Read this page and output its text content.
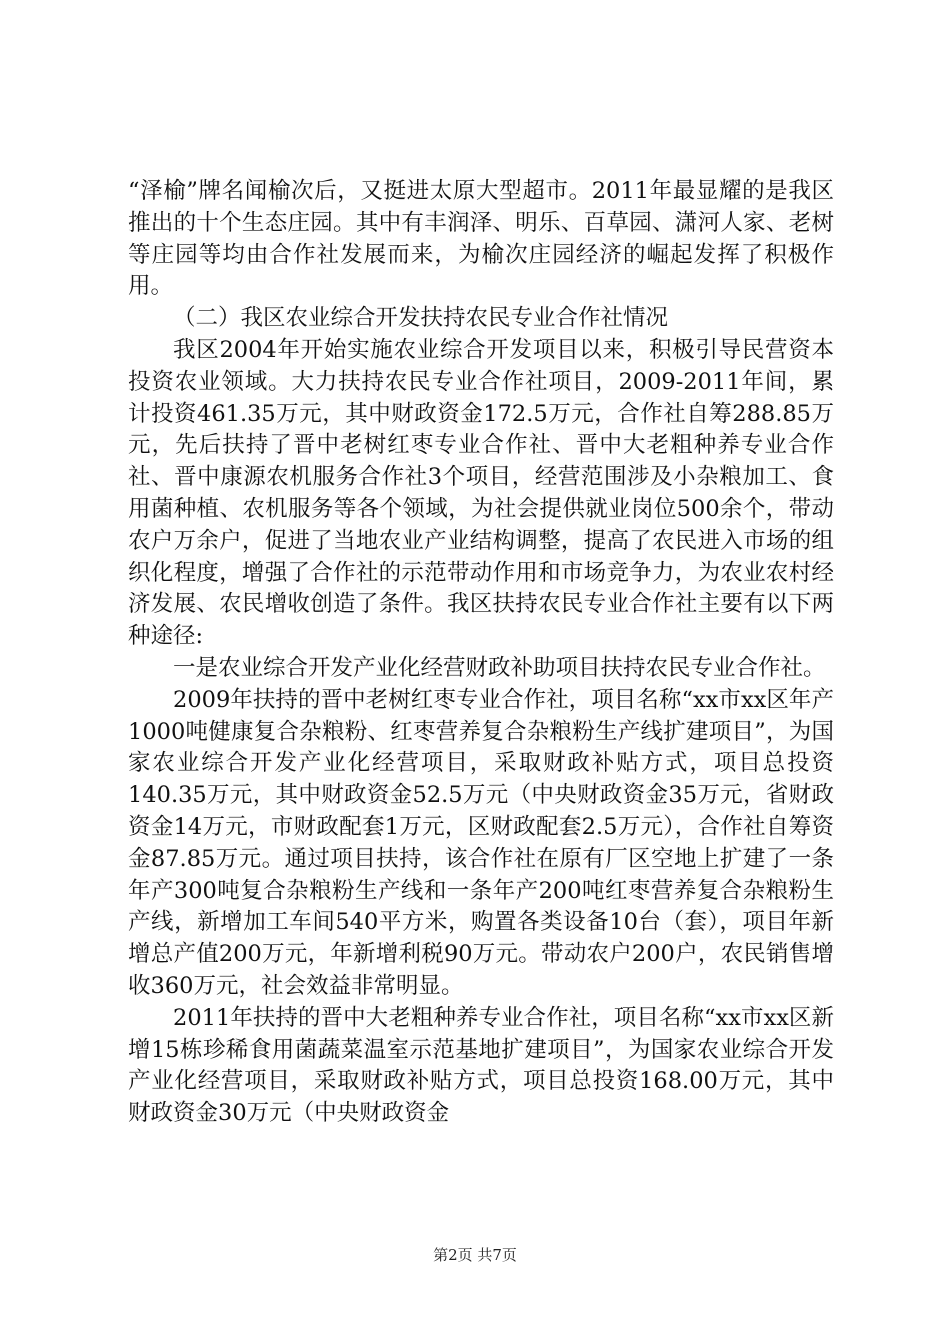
“泽榆”牌名闻榆次后，又挺进太原大型超市。2011年最显耀的是我区推出的十个生态庄园。其中有丰润泽、明乐、百草园、潇河人家、老树等庄园等均由合作社发展而来，为榆次庄园经济的崛起发挥了积极作用。

（二）我区农业综合开发扶持农民专业合作社情况

我区2004年开始实施农业综合开发项目以来，积极引导民营资本投资农业领域。大力扶持农民专业合作社项目，2009-2011年间，累计投资461.35万元，其中财政资金172.5万元，合作社自筹288.85万元，先后扶持了晋中老树红枣专业合作社、晋中大老粗种养专业合作社、晋中康源农机服务合作社3个项目，经营范围涉及小杂粮加工、食用菌种植、农机服务等各个领域，为社会提供就业岗位500余个，带动农户万余户，促进了当地农业产业结构调整，提高了农民进入市场的组织化程度，增强了合作社的示范带动作用和市场竞争力，为农业农村经济发展、农民增收创造了条件。我区扶持农民专业合作社主要有以下两种途径:

一是农业综合开发产业化经营财政补助项目扶持农民专业合作社。

2009年扶持的晋中老树红枣专业合作社，项目名称“xx市xx区年产1000吨健康复合杂粮粉、红枣营养复合杂粮粉生产线扩建项目”，为国家农业综合开发产业化经营项目，采取财政补贴方式，项目总投资140.35万元，其中财政资金52.5万元（中央财政资金35万元，省财政资金14万元，市财政配套1万元，区财政配套2.5万元），合作社自筹资金87.85万元。通过项目扶持，该合作社在原有厂区空地上扩建了一条年产300吨复合杂粮粉生产线和一条年产200吨红枣营养复合杂粮粉生产线，新增加工车间540平方米，购置各类设备10台（套），项目年新增总产值200万元，年新增利税90万元。带动农户200户，农民销售增收360万元，社会效益非常明显。

2011年扶持的晋中大老粗种养专业合作社，项目名称“xx市xx区新增15栋珍稀食用菌蔬菜温室示范基地扩建项目”，为国家农业综合开发产业化经营项目，采取财政补贴方式，项目总投资168.00万元，其中财政资金30万元（中央财政资金

第2页 共7页
